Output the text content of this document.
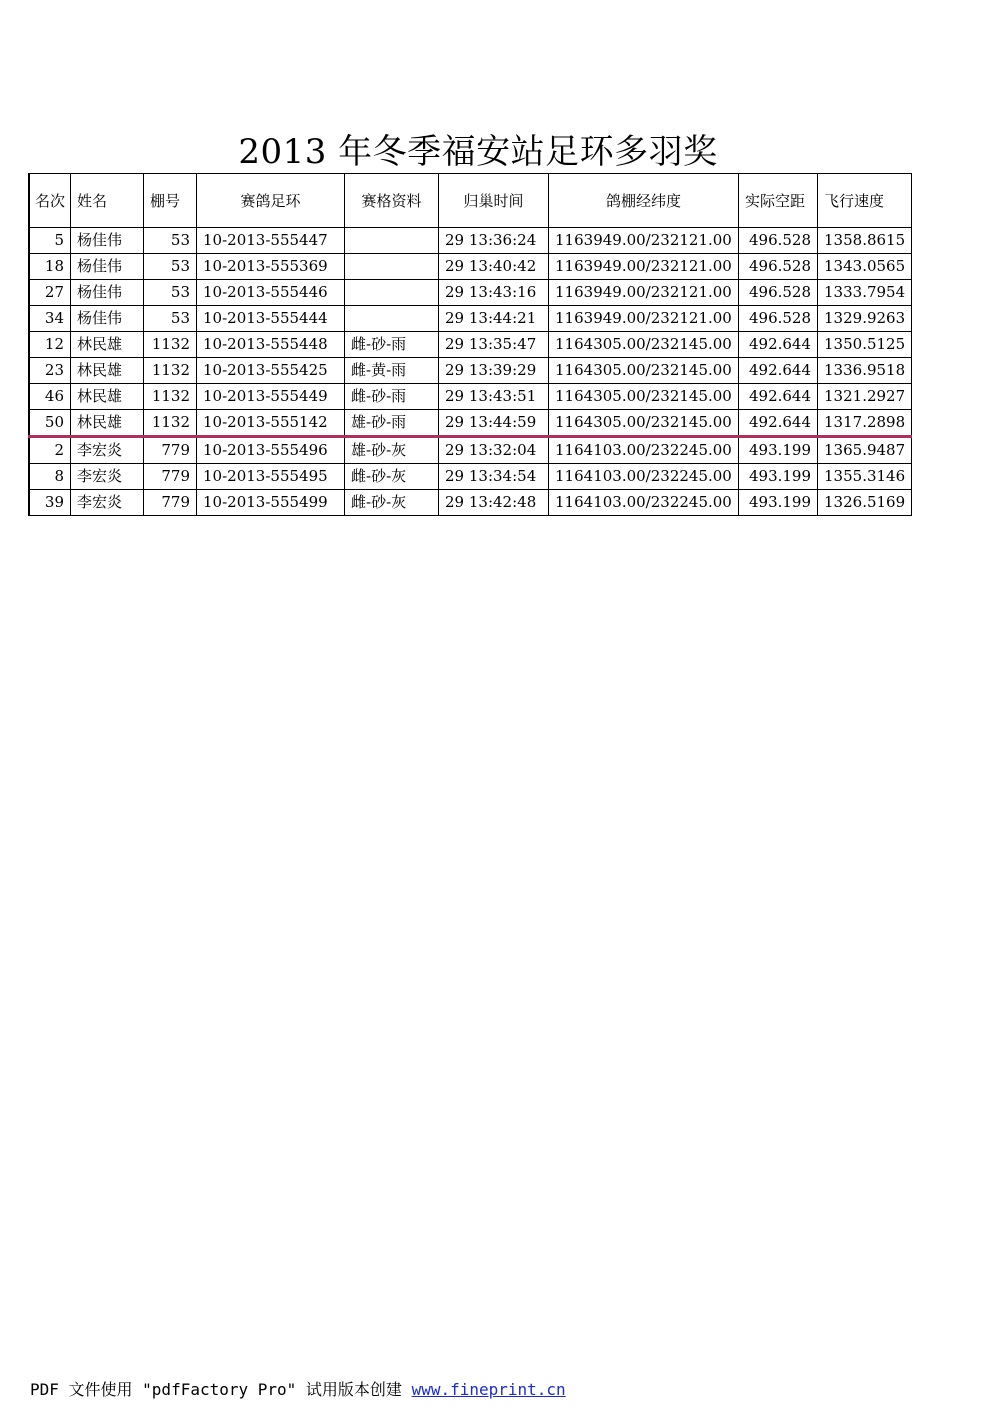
2013 年冬季福安站足环多羽奖
名次	姓名	棚号	赛鸽足环	赛格资料	归巢时间	鸽棚经纬度	实际空距	飞行速度
5	杨佳伟	53	10-2013-555447		29 13:36:24	1163949.00/232121.00	496.528	1358.8615
18	杨佳伟	53	10-2013-555369		29 13:40:42	1163949.00/232121.00	496.528	1343.0565
27	杨佳伟	53	10-2013-555446		29 13:43:16	1163949.00/232121.00	496.528	1333.7954
34	杨佳伟	53	10-2013-555444		29 13:44:21	1163949.00/232121.00	496.528	1329.9263
12	林民雄	1132	10-2013-555448	雌-砂-雨	29 13:35:47	1164305.00/232145.00	492.644	1350.5125
23	林民雄	1132	10-2013-555425	雌-黄-雨	29 13:39:29	1164305.00/232145.00	492.644	1336.9518
46	林民雄	1132	10-2013-555449	雌-砂-雨	29 13:43:51	1164305.00/232145.00	492.644	1321.2927
50	林民雄	1132	10-2013-555142	雄-砂-雨	29 13:44:59	1164305.00/232145.00	492.644	1317.2898
2	李宏炎	779	10-2013-555496	雄-砂-灰	29 13:32:04	1164103.00/232245.00	493.199	1365.9487
8	李宏炎	779	10-2013-555495	雌-砂-灰	29 13:34:54	1164103.00/232245.00	493.199	1355.3146
39	李宏炎	779	10-2013-555499	雌-砂-灰	29 13:42:48	1164103.00/232245.00	493.199	1326.5169
PDF 文件使用 "pdfFactory Pro" 试用版本创建 www.fineprint.cn
